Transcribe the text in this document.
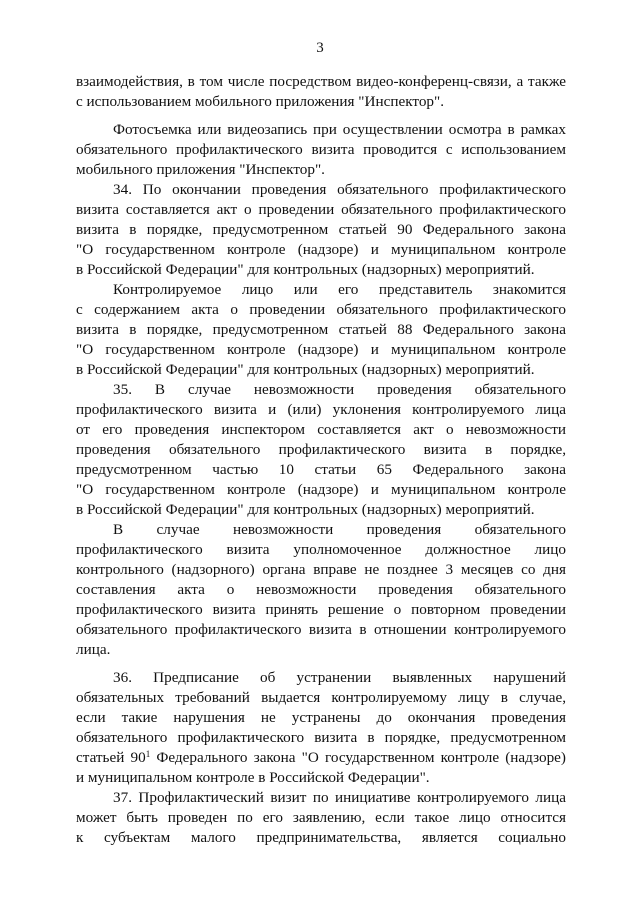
3
взаимодействия, в том числе посредством видео-конференц-связи, а также
с использованием мобильного приложения "Инспектор".
Фотосъемка или видеозапись при осуществлении осмотра в рамках
обязательного профилактического визита проводится с использованием
мобильного приложения "Инспектор".
34. По окончании проведения обязательного профилактического
визита составляется акт о проведении обязательного профилактического
визита в порядке, предусмотренном статьей 90 Федерального закона
"О государственном контроле (надзоре) и муниципальном контроле
в Российской Федерации" для контрольных (надзорных) мероприятий.
Контролируемое лицо или его представитель знакомится
с содержанием акта о проведении обязательного профилактического
визита в порядке, предусмотренном статьей 88 Федерального закона
"О государственном контроле (надзоре) и муниципальном контроле
в Российской Федерации" для контрольных (надзорных) мероприятий.
35. В случае невозможности проведения обязательного
профилактического визита и (или) уклонения контролируемого лица
от его проведения инспектором составляется акт о невозможности
проведения обязательного профилактического визита в порядке,
предусмотренном частью 10 статьи 65 Федерального закона
"О государственном контроле (надзоре) и муниципальном контроле
в Российской Федерации" для контрольных (надзорных) мероприятий.
В случае невозможности проведения обязательного
профилактического визита уполномоченное должностное лицо
контрольного (надзорного) органа вправе не позднее 3 месяцев со дня
составления акта о невозможности проведения обязательного
профилактического визита принять решение о повторном проведении
обязательного профилактического визита в отношении контролируемого
лица.
36. Предписание об устранении выявленных нарушений
обязательных требований выдается контролируемому лицу в случае,
если такие нарушения не устранены до окончания проведения
обязательного профилактического визита в порядке, предусмотренном
статьей $90^1$ Федерального закона "О государственном контроле (надзоре)
и муниципальном контроле в Российской Федерации".
37. Профилактический визит по инициативе контролируемого лица
может быть проведен по его заявлению, если такое лицо относится
к субъектам малого предпринимательства, является социально
